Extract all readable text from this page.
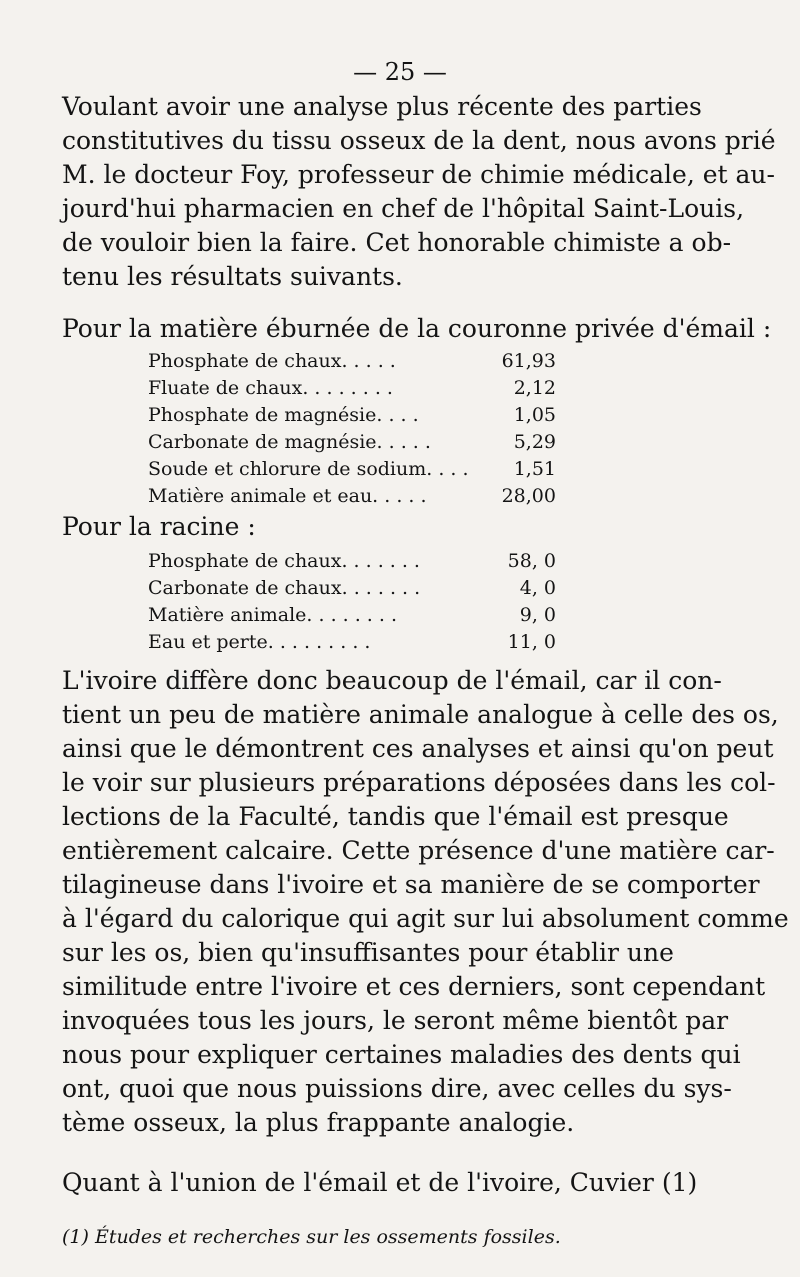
— 25 —
Voulant avoir une analyse plus récente des parties
constitutives du tissu osseux de la dent, nous avons prié
M. le docteur Foy, professeur de chimie médicale, et au-
jourd'hui pharmacien en chef de l'hôpital Saint-Louis,
de vouloir bien la faire. Cet honorable chimiste a ob-
tenu les résultats suivants.
Pour la matière éburnée de la couronne privée d'émail :
Phosphate de chaux. . . . .	61,93
Fluate de chaux. . . . . . . .	2,12
Phosphate de magnésie. . . .	1,05
Carbonate de magnésie. . . . .	5,29
Soude et chlorure de sodium. . . . 1,51
Matière animale et eau. . . . .	28,00
Pour la racine :
Phosphate de chaux. . . . . . .	58, 0
Carbonate de chaux. . . . . . .	4, 0
Matière animale. . . . . . . .	9, 0
Eau et perte. . . . . . . . .	11, 0
L'ivoire diffère donc beaucoup de l'émail, car il con-
tient un peu de matière animale analogue à celle des os,
ainsi que le démontrent ces analyses et ainsi qu'on peut
le voir sur plusieurs préparations déposées dans les col-
lections de la Faculté, tandis que l'émail est presque
entièrement calcaire. Cette présence d'une matière car-
tilagineuse dans l'ivoire et sa manière de se comporter
à l'égard du calorique qui agit sur lui absolument comme
sur les os, bien qu'insuffisantes pour établir une
similitude entre l'ivoire et ces derniers, sont cependant
invoquées tous les jours, le seront même bientôt par
nous pour expliquer certaines maladies des dents qui
ont, quoi que nous puissions dire, avec celles du sys-
tème osseux, la plus frappante analogie.
Quant à l'union de l'émail et de l'ivoire, Cuvier (1)
(1) Études et recherches sur les ossements fossiles.
